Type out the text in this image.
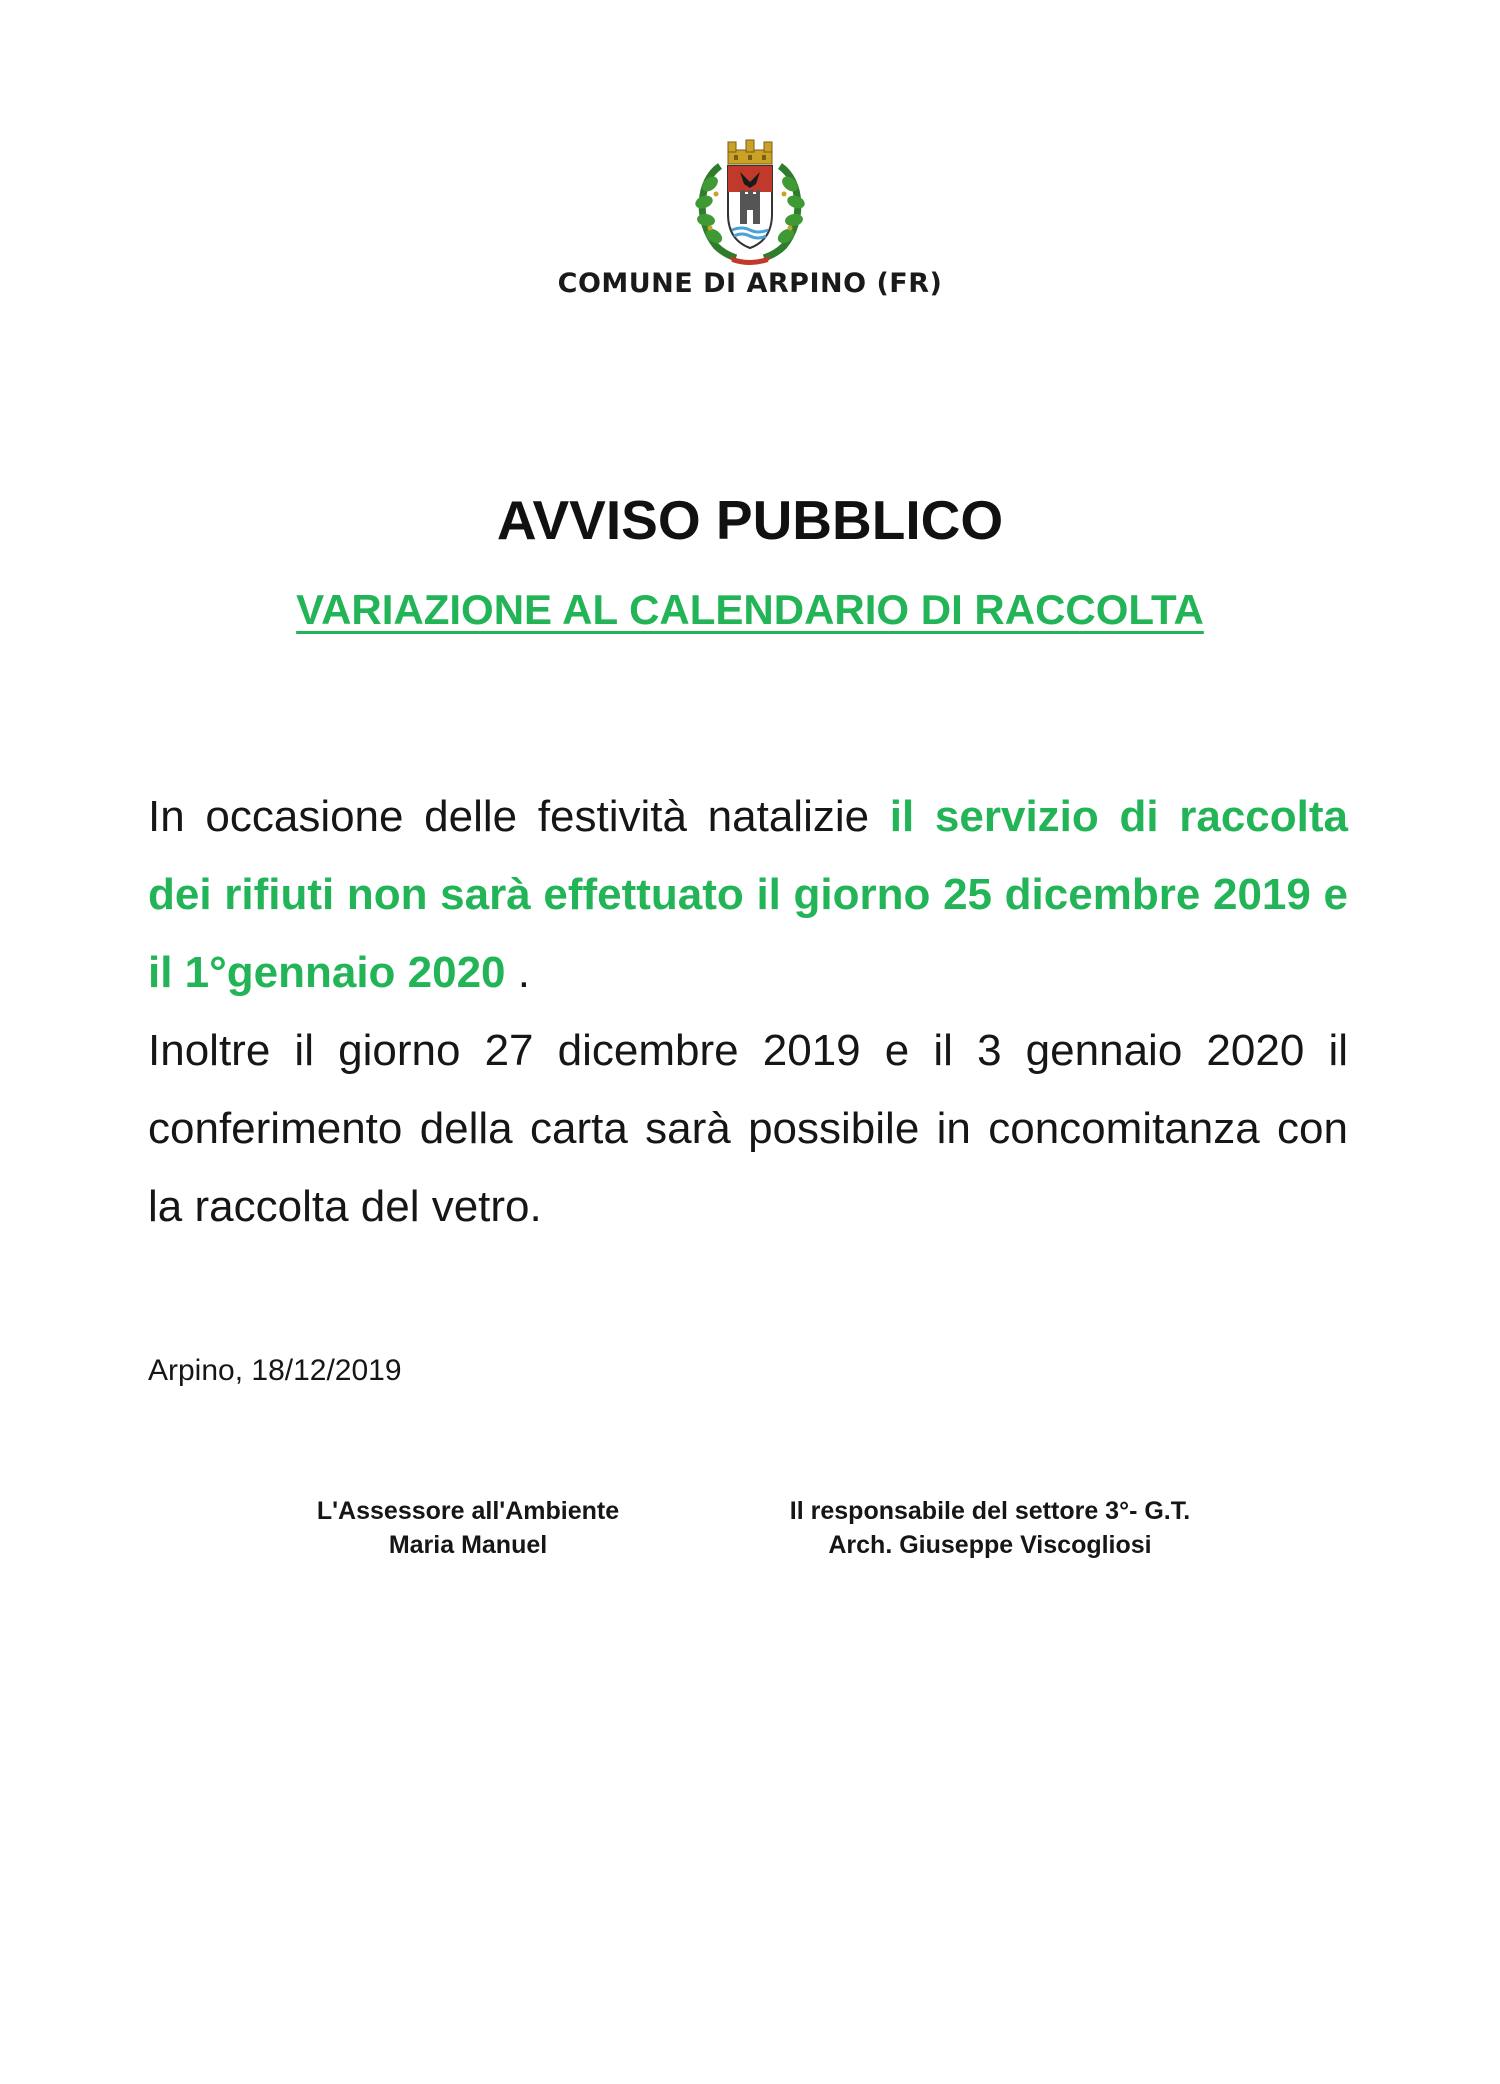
COMUNE DI ARPINO (FR)
AVVISO PUBBLICO
VARIAZIONE AL CALENDARIO DI RACCOLTA

In occasione delle festività natalizie il servizio di raccolta dei rifiuti non sarà effettuato il giorno 25 dicembre 2019 e il 1°gennaio 2020 .

Inoltre il giorno 27 dicembre 2019 e il 3 gennaio 2020 il conferimento della carta sarà possibile in concomitanza con la raccolta del vetro.

Arpino, 18/12/2019
L'Assessore all'Ambiente
Maria Manuel
Il responsabile del settore 3°- G.T.
Arch. Giuseppe Viscogliosi
